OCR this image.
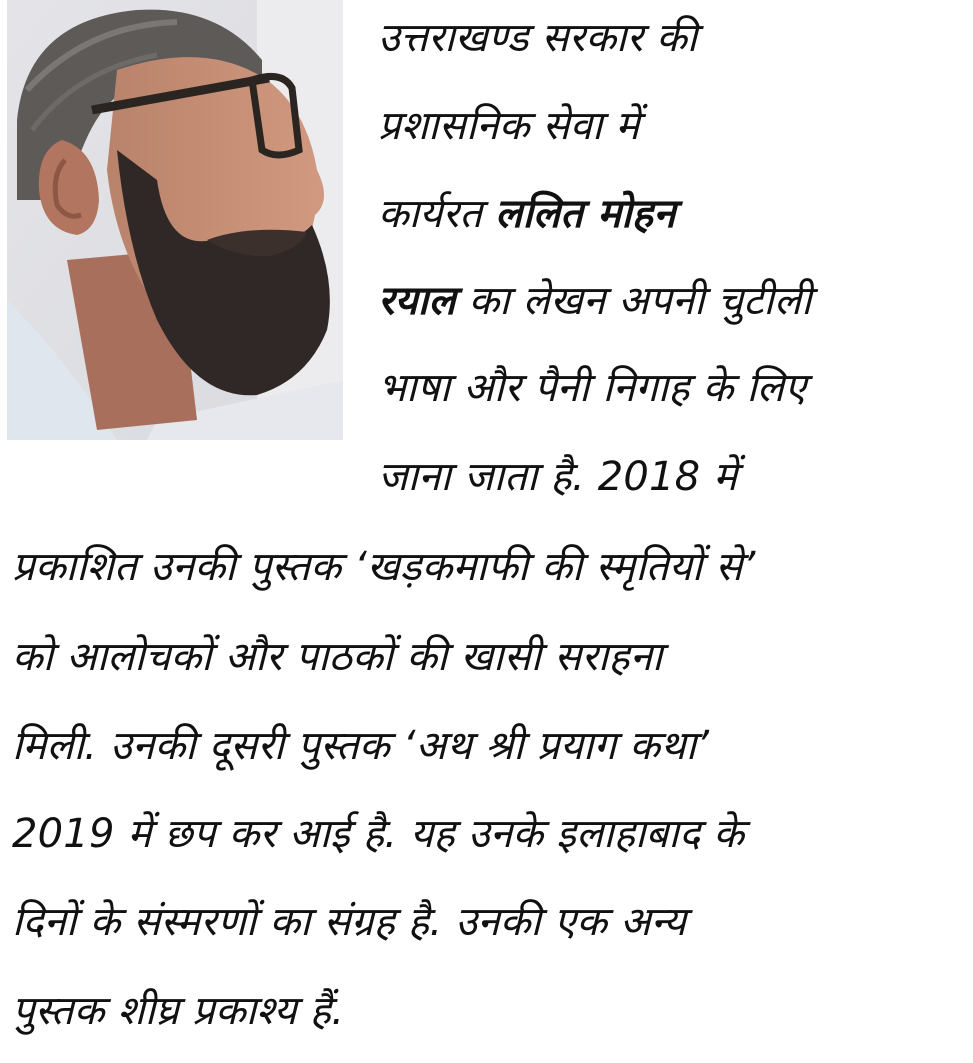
उत्तराखण्ड सरकार की
प्रशासनिक सेवा में
कार्यरत ललित मोहन
रयाल का लेखन अपनी चुटीली
भाषा और पैनी निगाह के लिए
जाना जाता है. 2018 में
प्रकाशित उनकी पुस्तक ‘खड़कमाफी की स्मृतियों से’
को आलोचकों और पाठकों की खासी सराहना
मिली. उनकी दूसरी पुस्तक ‘अथ श्री प्रयाग कथा’
2019 में छप कर आई है. यह उनके इलाहाबाद के
दिनों के संस्मरणों का संग्रह है. उनकी एक अन्य
पुस्तक शीघ्र प्रकाश्य हैं.
